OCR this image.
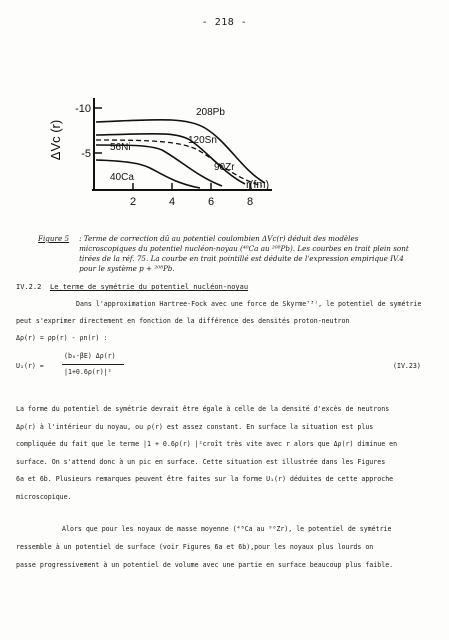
- 218 -
ΔVc (r)
-10
-5
2	4	6	8
r(fm)
208Pb
120Sn
56Ni
90Zr
40Ca
Figure 5 : Terme de correction dû au potentiel coulombien ΔVc(r) déduit des modèles microscopiques du potentiel nucléon-noyau (⁴⁰Ca au ²⁰⁸Pb). Les courbes en trait plein sont tirées de la réf. 75. La courbe en trait pointillé est déduite de l'expression empirique IV.4 pour le système p + ²⁰⁸Pb.
IV.2.2 Le terme de symétrie du potentiel nucléon-noyau
Dans l'approximation Hartree-Fock avec une force de Skyrme⁷³⁾, le potentiel de symétrie
peut s'exprimer directement en fonction de la différence des densités proton-neutron
Δρ(r) = ρp(r) - ρn(r) :
U₁(r) ≈
(b₀-βE) Δρ(r)
|1+0.6ρ(r)|²
(IV.23)
La forme du potentiel de symétrie devrait être égale à celle de la densité d'excès de neutrons
Δρ(r) à l'intérieur du noyau, ou ρ(r) est assez constant. En surface la situation est plus
compliquée du fait que le terme |1 + 0.6ρ(r) |²croît très vite avec r alors que Δρ(r) diminue en
surface. On s'attend donc à un pic en surface. Cette situation est illustrée dans les Figures
6a et 6b. Plusieurs remarques peuvent être faites sur la forme U₁(r) déduites de cette approche
microscopique.
Alors que pour les noyaux de masse moyenne (⁴⁸Ca au ⁹⁰Zr), le potentiel de symétrie
ressemble à un potentiel de surface (voir Figures 6a et 6b),pour les noyaux plus lourds on
passe progressivement à un potentiel de volume avec une partie en surface beaucoup plus faible.
